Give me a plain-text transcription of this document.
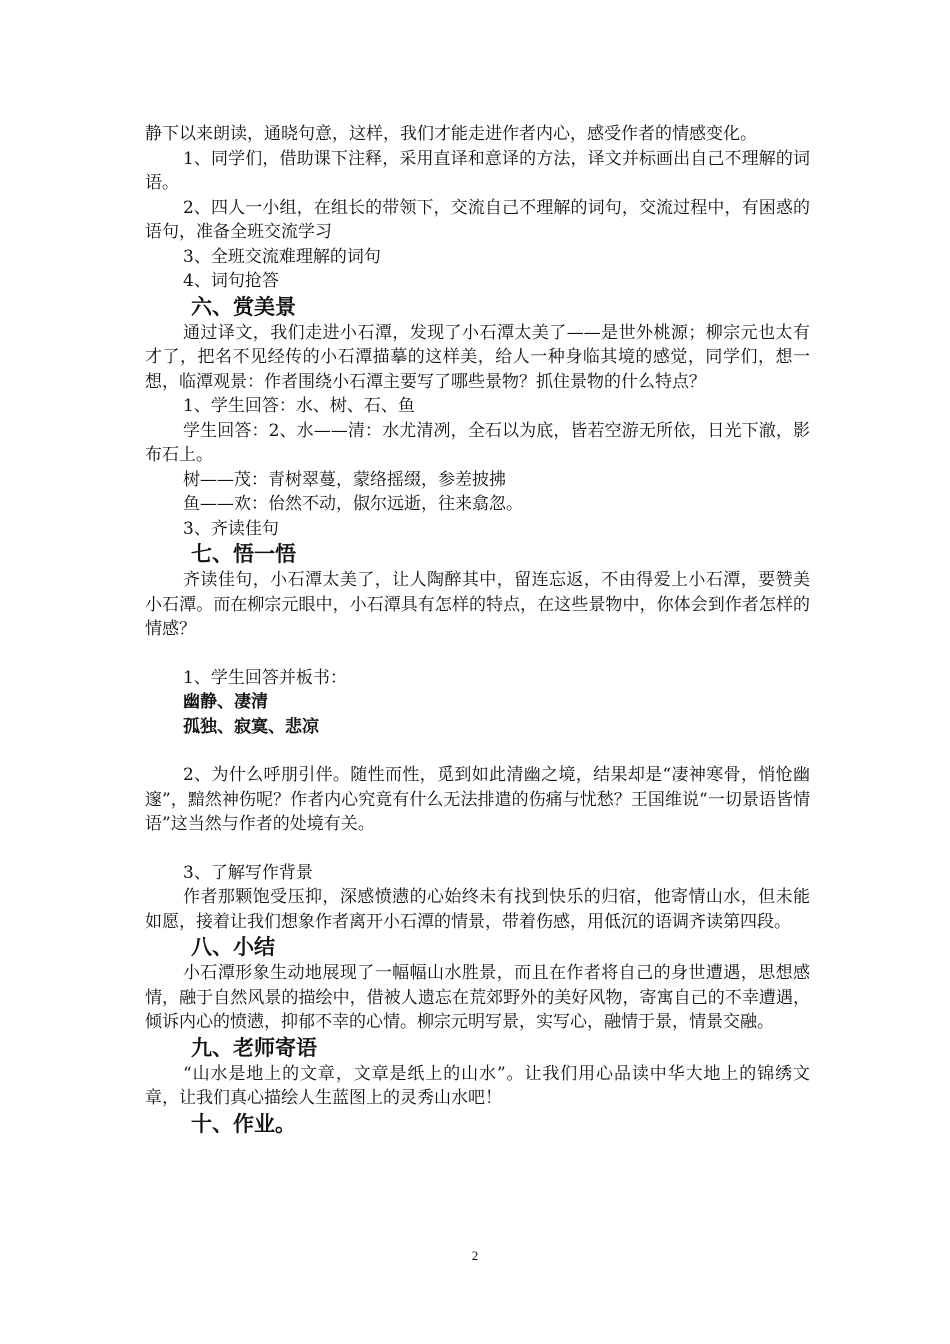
静下以来朗读，通晓句意，这样，我们才能走进作者内心，感受作者的情感变化。

1、同学们，借助课下注释，采用直译和意译的方法，译文并标画出自己不理解的词语。

2、四人一小组，在组长的带领下，交流自己不理解的词句，交流过程中，有困惑的语句，准备全班交流学习

3、全班交流难理解的词句

4、词句抢答

六、赏美景

通过译文，我们走进小石潭，发现了小石潭太美了——是世外桃源；柳宗元也太有才了，把名不见经传的小石潭描摹的这样美，给人一种身临其境的感觉，同学们，想一想，临潭观景：作者围绕小石潭主要写了哪些景物？抓住景物的什么特点？

1、学生回答：水、树、石、鱼

学生回答：2、水——清：水尤清冽，全石以为底，皆若空游无所依，日光下澈，影布石上。

树——茂：青树翠蔓，蒙络摇缀，参差披拂

鱼——欢：佁然不动，俶尔远逝，往来翕忽。

3、齐读佳句

七、悟一悟

齐读佳句，小石潭太美了，让人陶醉其中，留连忘返，不由得爱上小石潭，要赞美小石潭。而在柳宗元眼中，小石潭具有怎样的特点，在这些景物中，你体会到作者怎样的情感？

1、学生回答并板书：

幽静、凄清

孤独、寂寞、悲凉

2、为什么呼朋引伴。随性而性，觅到如此清幽之境，结果却是“凄神寒骨，悄怆幽邃”，黯然神伤呢？作者内心究竟有什么无法排遣的伤痛与忧愁？王国维说“一切景语皆情语”这当然与作者的处境有关。

3、了解写作背景

作者那颗饱受压抑，深感愤懑的心始终未有找到快乐的归宿，他寄情山水，但未能如愿，接着让我们想象作者离开小石潭的情景，带着伤感，用低沉的语调齐读第四段。

八、小结

小石潭形象生动地展现了一幅幅山水胜景，而且在作者将自己的身世遭遇，思想感情，融于自然风景的描绘中，借被人遗忘在荒郊野外的美好风物，寄寓自己的不幸遭遇，倾诉内心的愤懑，抑郁不幸的心情。柳宗元明写景，实写心，融情于景，情景交融。

九、老师寄语

“山水是地上的文章，文章是纸上的山水”。让我们用心品读中华大地上的锦绣文章，让我们真心描绘人生蓝图上的灵秀山水吧！

十、作业。
2
